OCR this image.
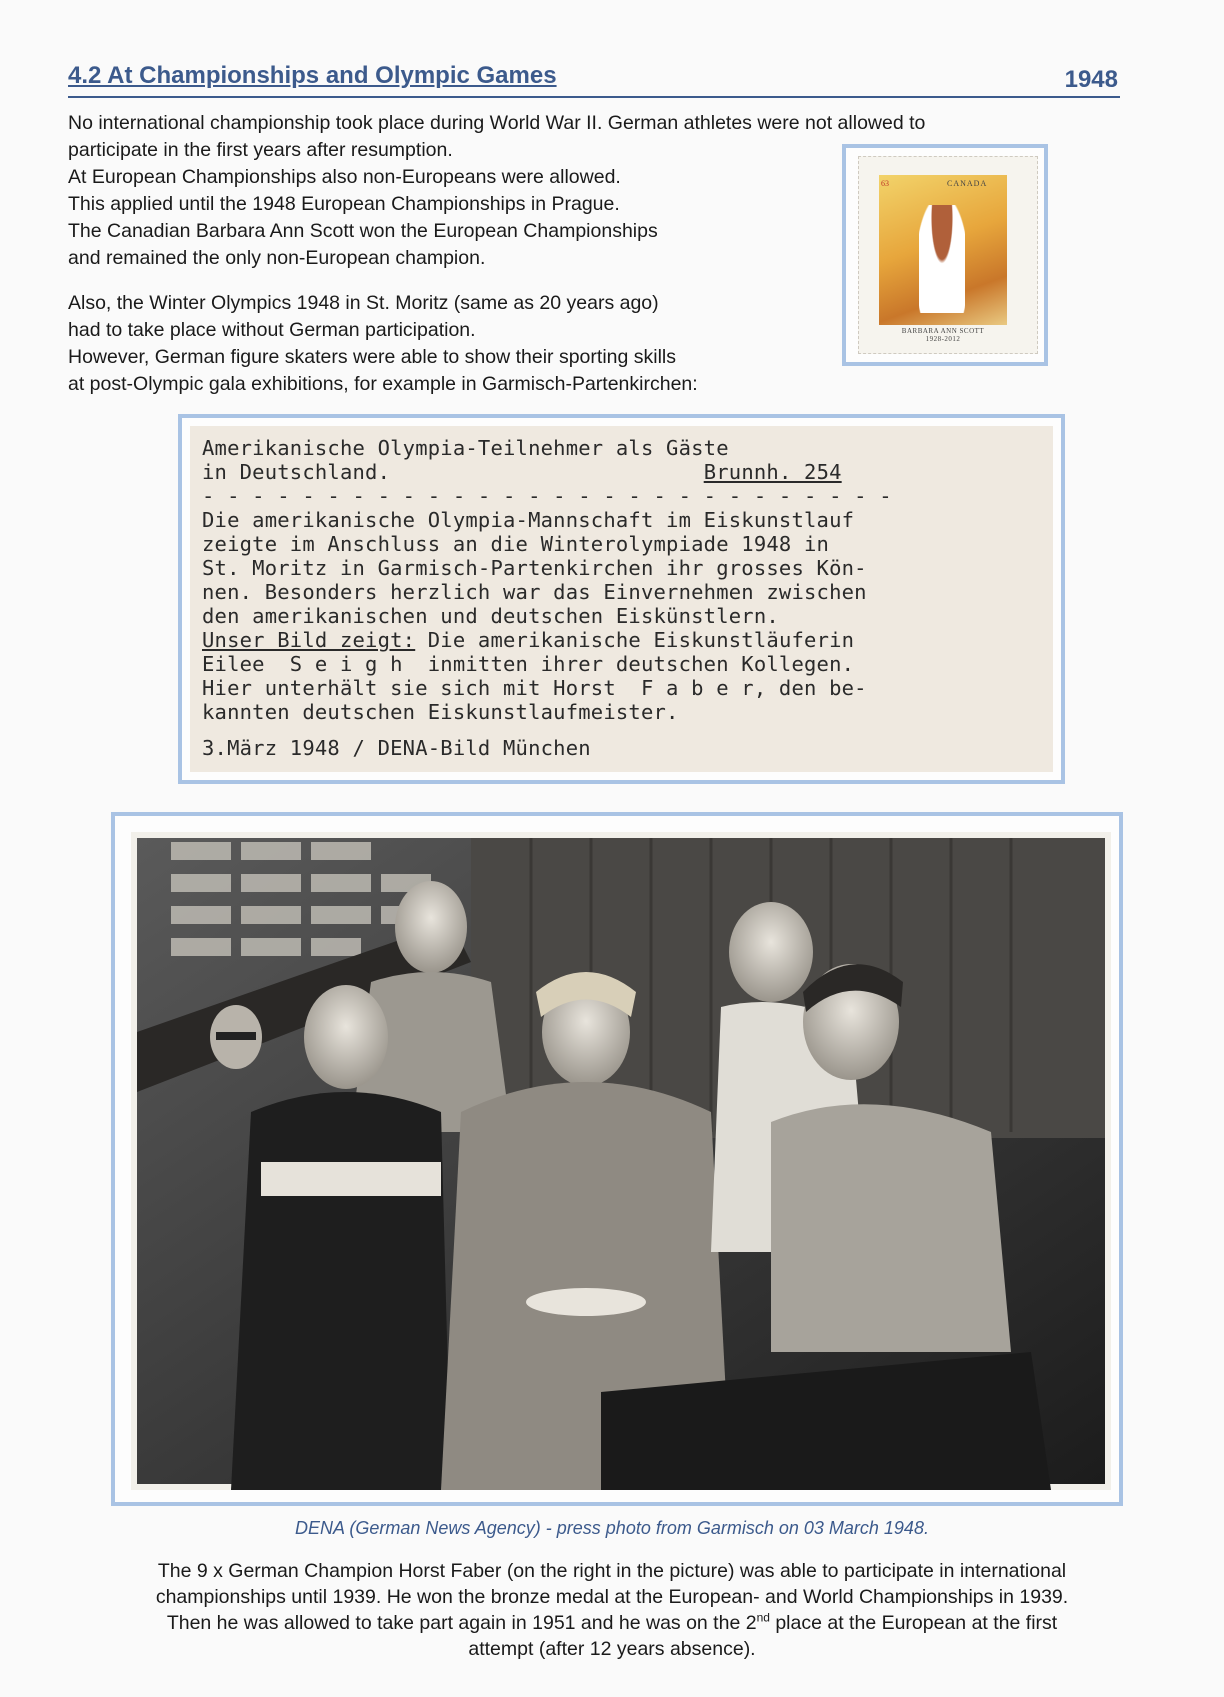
4.2 At Championships and Olympic Games	1948

No international championship took place during World War II. German athletes were not allowed to
participate in the first years after resumption.
At European Championships also non-Europeans were allowed.
This applied until the 1948 European Championships in Prague.
The Canadian Barbara Ann Scott won the European Championships
and remained the only non-European champion.

Also, the Winter Olympics 1948 in St. Moritz (same as 20 years ago)
had to take place without German participation.
However, German figure skaters were able to show their sporting skills
at post-Olympic gala exhibitions, for example in Garmisch-Partenkirchen:

63	CANADA
BARBARA ANN SCOTT
1928-2012
Amerikanische Olympia-Teilnehmer als Gäste
in Deutschland.	Brunnh. 254
- - - - - - - - - - - - - - - - - - - - - - - - - - - -
Die amerikanische Olympia-Mannschaft im Eiskunstlauf
zeigte im Anschluss an die Winterolympiade 1948 in
St. Moritz in Garmisch-Partenkirchen ihr grosses Kön-
nen. Besonders herzlich war das Einvernehmen zwischen
den amerikanischen und deutschen Eiskünstlern.
Unser Bild zeigt: Die amerikanische Eiskunstläuferin
Eilee  S e i g h  inmitten ihrer deutschen Kollegen.
Hier unterhält sie sich mit Horst  F a b e r, den be-
kannten deutschen Eiskunstlaufmeister.
3.März 1948 / DENA-Bild München
DENA (German News Agency) - press photo from Garmisch on 03 March 1948.
The 9 x German Champion Horst Faber (on the right in the picture) was able to participate in international
championships until 1939. He won the bronze medal at the European- and World Championships in 1939.
Then he was allowed to take part again in 1951 and he was on the 2nd place at the European at the first
attempt (after 12 years absence).
